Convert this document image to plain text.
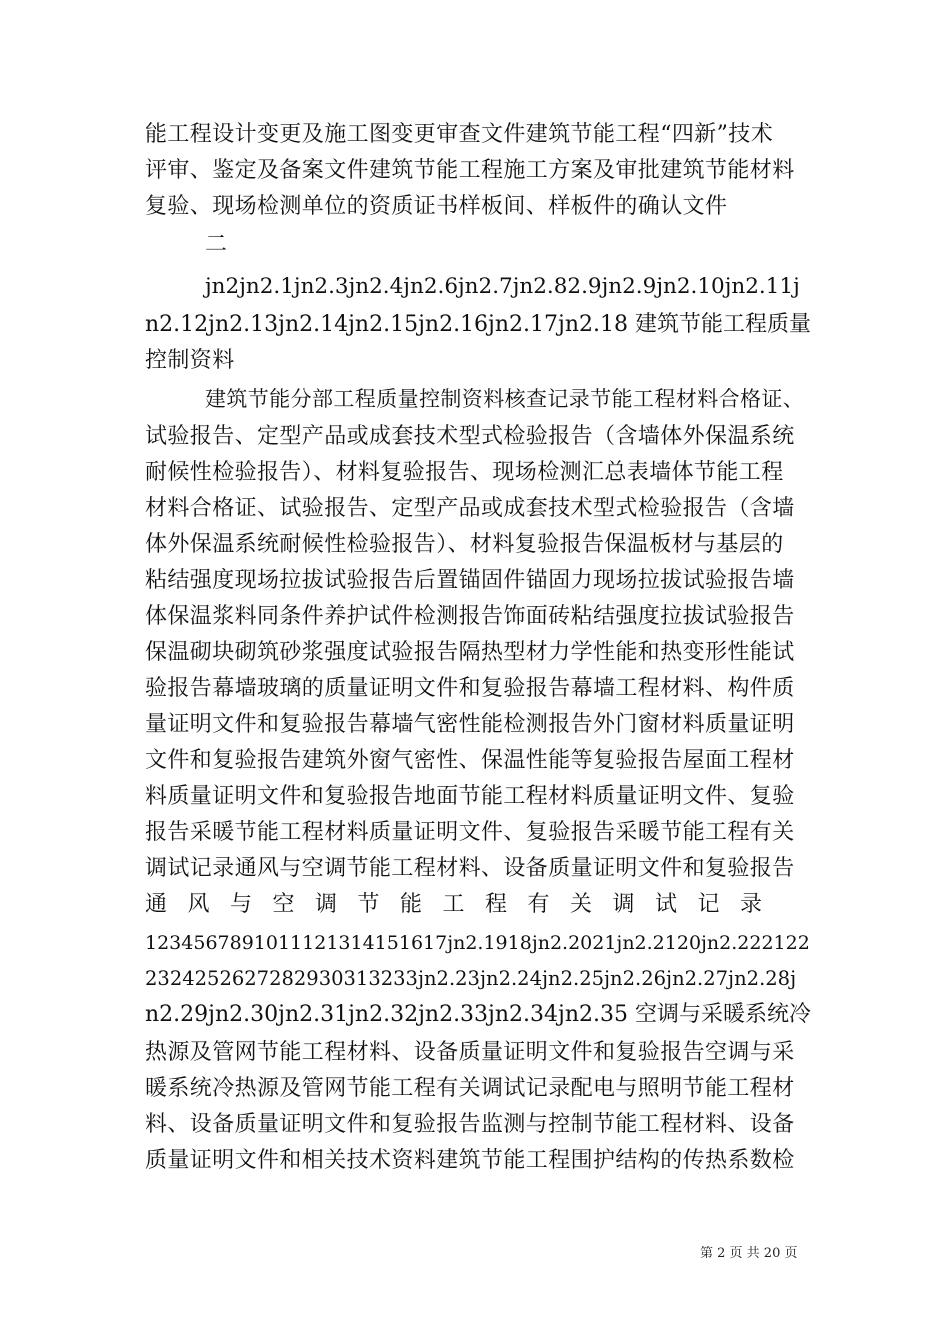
能工程设计变更及施工图变更审查文件建筑节能工程“四新”技术
评审、鉴定及备案文件建筑节能工程施工方案及审批建筑节能材料
复验、现场检测单位的资质证书样板间、样板件的确认文件
二
jn2jn2.1jn2.3jn2.4jn2.6jn2.7jn2.82.9jn2.9jn2.10jn2.11j
n2.12jn2.13jn2.14jn2.15jn2.16jn2.17jn2.18 建筑节能工程质量
控制资料
建筑节能分部工程质量控制资料核查记录节能工程材料合格证、
试验报告、定型产品或成套技术型式检验报告（含墙体外保温系统
耐候性检验报告）、材料复验报告、现场检测汇总表墙体节能工程
材料合格证、试验报告、定型产品或成套技术型式检验报告（含墙
体外保温系统耐候性检验报告）、材料复验报告保温板材与基层的
粘结强度现场拉拔试验报告后置锚固件锚固力现场拉拔试验报告墙
体保温浆料同条件养护试件检测报告饰面砖粘结强度拉拔试验报告
保温砌块砌筑砂浆强度试验报告隔热型材力学性能和热变形性能试
验报告幕墙玻璃的质量证明文件和复验报告幕墙工程材料、构件质
量证明文件和复验报告幕墙气密性能检测报告外门窗材料质量证明
文件和复验报告建筑外窗气密性、保温性能等复验报告屋面工程材
料质量证明文件和复验报告地面节能工程材料质量证明文件、复验
报告采暖节能工程材料质量证明文件、复验报告采暖节能工程有关
调试记录通风与空调节能工程材料、设备质量证明文件和复验报告
通风与空调节能工程有关调试记录
1234567891011121314151617jn2.1918jn2.2021jn2.2120jn2.222122
2324252627282930313233jn2.23jn2.24jn2.25jn2.26jn2.27jn2.28j
n2.29jn2.30jn2.31jn2.32jn2.33jn2.34jn2.35 空调与采暖系统冷
热源及管网节能工程材料、设备质量证明文件和复验报告空调与采
暖系统冷热源及管网节能工程有关调试记录配电与照明节能工程材
料、设备质量证明文件和复验报告监测与控制节能工程材料、设备
质量证明文件和相关技术资料建筑节能工程围护结构的传热系数检
第 2 页 共 20 页
